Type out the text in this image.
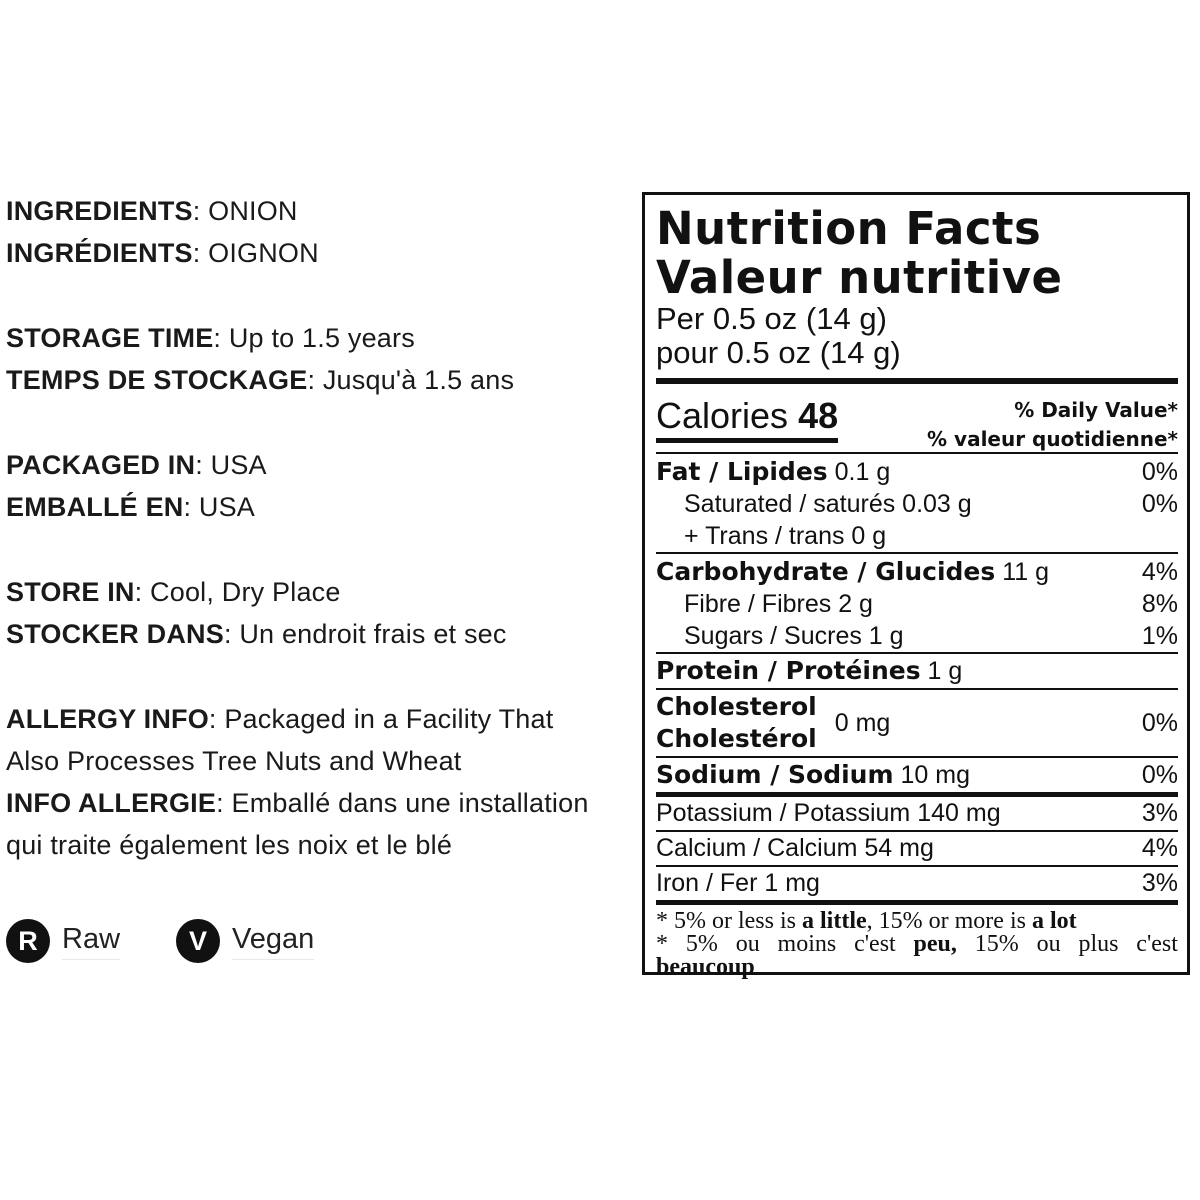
INGREDIENTS: ONION
INGRÉDIENTS: OIGNON
STORAGE TIME: Up to 1.5 years
TEMPS DE STOCKAGE: Jusqu'à 1.5 ans
PACKAGED IN: USA
EMBALLÉ EN: USA
STORE IN: Cool, Dry Place
STOCKER DANS: Un endroit frais et sec
ALLERGY INFO: Packaged in a Facility That
Also Processes Tree Nuts and Wheat
INFO ALLERGIE: Emballé dans une installation
qui traite également les noix et le blé
R Raw	V Vegan
Nutrition Facts
Valeur nutritive
Per 0.5 oz (14 g)
pour 0.5 oz (14 g)
Calories 48	% Daily Value*
% valeur quotidienne*
Fat / Lipides 0.1 g	0%
Saturated / saturés 0.03 g	0%
+ Trans / trans 0 g
Carbohydrate / Glucides 11 g	4%
Fibre / Fibres 2 g	8%
Sugars / Sucres 1 g	1%
Protein / Protéines 1 g
Cholesterol
Cholestérol
0 mg	0%
Sodium / Sodium 10 mg	0%
Potassium / Potassium 140 mg	3%
Calcium / Calcium 54 mg	4%
Iron / Fer 1 mg	3%
* 5% or less is a little, 15% or more is a lot
* 5% ou moins c'est peu, 15% ou plus c'est
beaucoup
